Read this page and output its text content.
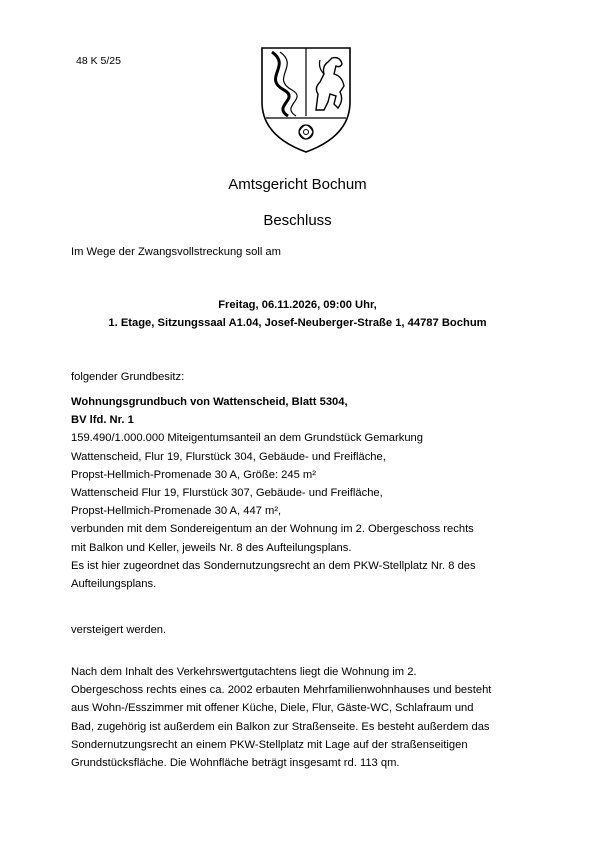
48 K 5/25
Amtsgericht Bochum
Beschluss
Im Wege der Zwangsvollstreckung soll am
Freitag, 06.11.2026, 09:00 Uhr,
1. Etage, Sitzungssaal A1.04, Josef-Neuberger-Straße 1, 44787 Bochum
folgender Grundbesitz:
Wohnungsgrundbuch von Wattenscheid, Blatt 5304,
BV lfd. Nr. 1
159.490/1.000.000 Miteigentumsanteil an dem Grundstück Gemarkung
Wattenscheid, Flur 19, Flurstück 304, Gebäude- und Freifläche,
Propst-Hellmich-Promenade 30 A, Größe: 245 m²
Wattenscheid Flur 19, Flurstück 307, Gebäude- und Freifläche,
Propst-Hellmich-Promenade 30 A, 447 m²,
verbunden mit dem Sondereigentum an der Wohnung im 2. Obergeschoss rechts
mit Balkon und Keller, jeweils Nr. 8 des Aufteilungsplans.
Es ist hier zugeordnet das Sondernutzungsrecht an dem PKW-Stellplatz Nr. 8 des
Aufteilungsplans.
versteigert werden.
Nach dem Inhalt des Verkehrswertgutachtens liegt die Wohnung im 2.
Obergeschoss rechts eines ca. 2002 erbauten Mehrfamilienwohnhauses und besteht
aus Wohn-/Esszimmer mit offener Küche, Diele, Flur, Gäste-WC, Schlafraum und
Bad, zugehörig ist außerdem ein Balkon zur Straßenseite. Es besteht außerdem das
Sondernutzungsrecht an einem PKW-Stellplatz mit Lage auf der straßenseitigen
Grundstücksfläche. Die Wohnfläche beträgt insgesamt rd. 113 qm.
